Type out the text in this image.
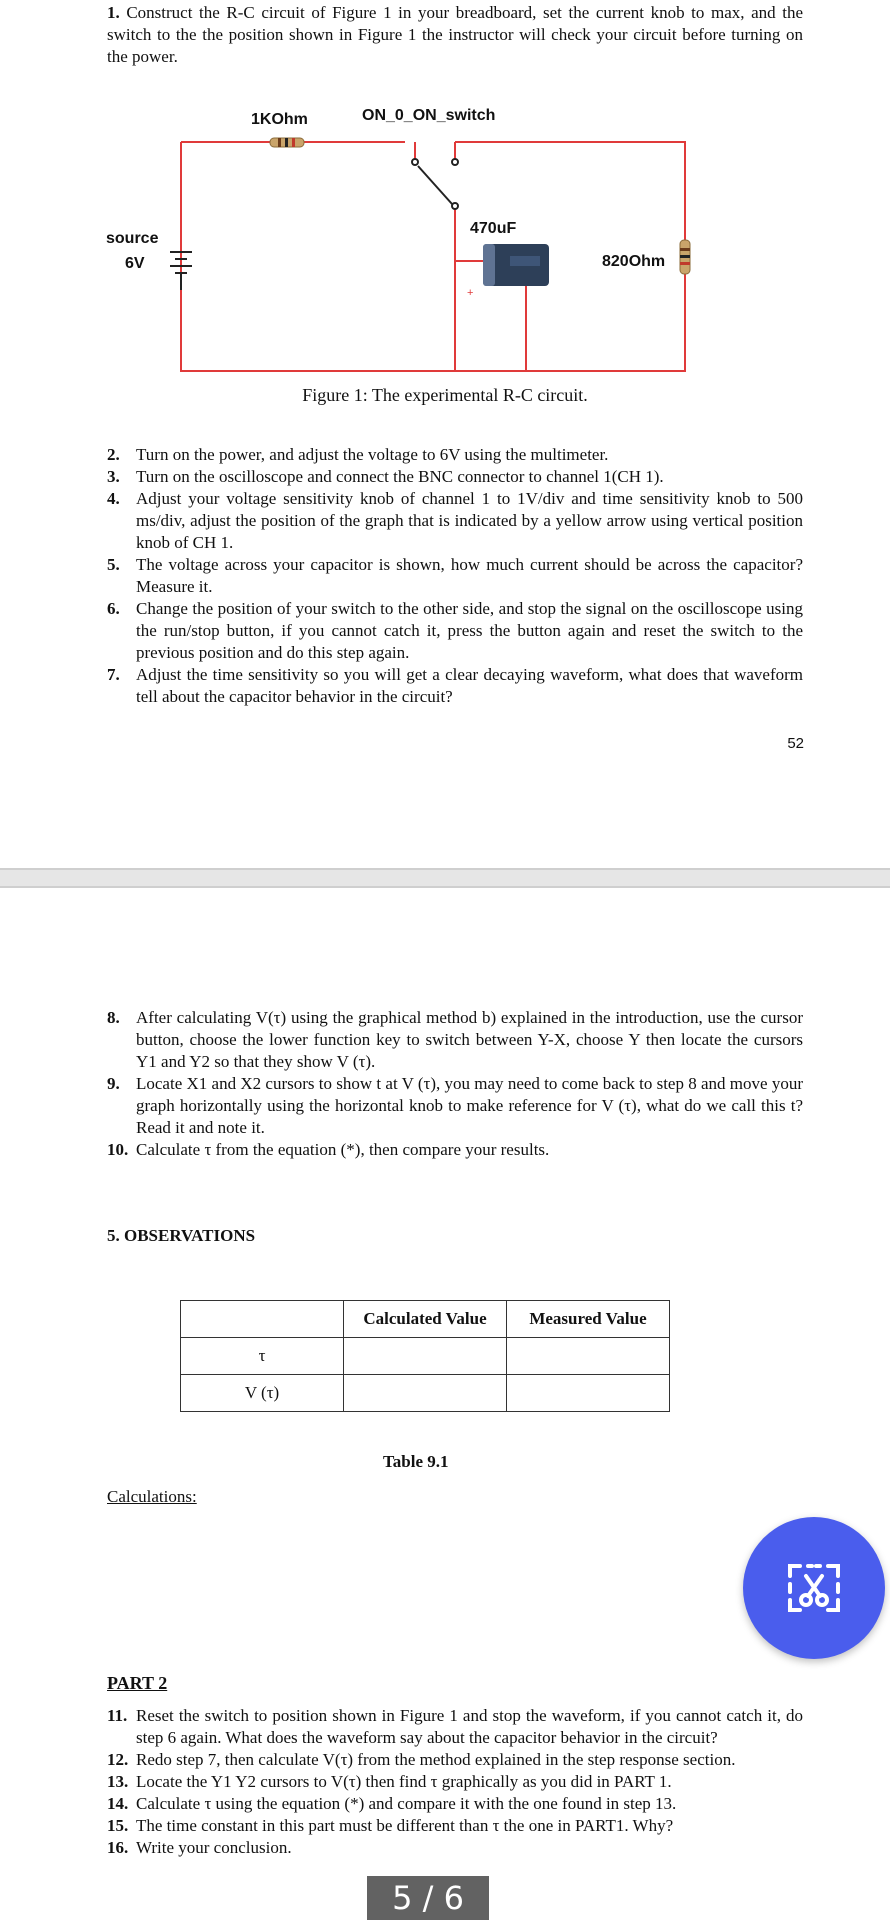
1. Construct the R-C circuit of Figure 1 in your breadboard, set the current knob to max, and the switch to the the position shown in Figure 1 the instructor will check your circuit before turning on the power.
+
1KOhm	ON_0_ON_switch
470uF
source
6V	820Ohm
Figure 1: The experimental R-C circuit.
2. Turn on the power, and adjust the voltage to 6V using the multimeter.
3. Turn on the oscilloscope and connect the BNC connector to channel 1(CH 1).
4. Adjust your voltage sensitivity knob of channel 1 to 1V/div and time sensitivity knob to 500 ms/div, adjust the position of the graph that is indicated by a yellow arrow using vertical position knob of CH 1.
5. The voltage across your capacitor is shown, how much current should be across the capacitor? Measure it.
6. Change the position of your switch to the other side, and stop the signal on the oscilloscope using the run/stop button, if you cannot catch it, press the button again and reset the switch to the previous position and do this step again.
7. Adjust the time sensitivity so you will get a clear decaying waveform, what does that waveform tell about the capacitor behavior in the circuit?
52
8. After calculating V(τ) using the graphical method b) explained in the introduction, use the cursor button, choose the lower function key to switch between Y-X, choose Y then locate the cursors Y1 and Y2 so that they show V (τ).
9. Locate X1 and X2 cursors to show t at V (τ), you may need to come back to step 8 and move your graph horizontally using the horizontal knob to make reference for V (τ), what do we call this t? Read it and note it.
10. Calculate τ from the equation (*), then compare your results.
5. OBSERVATIONS
	Calculated Value	Measured Value
τ		
V (τ)		
Table 9.1
Calculations:
PART 2
11. Reset the switch to position shown in Figure 1 and stop the waveform, if you cannot catch it, do step 6 again. What does the waveform say about the capacitor behavior in the circuit?
12. Redo step 7, then calculate V(τ) from the method explained in the step response section.
13. Locate the Y1 Y2 cursors to V(τ) then find τ graphically as you did in PART 1.
14. Calculate τ using the equation (*) and compare it with the one found in step 13.
15. The time constant in this part must be different than τ the one in PART1. Why?
16. Write your conclusion.
5 / 6
